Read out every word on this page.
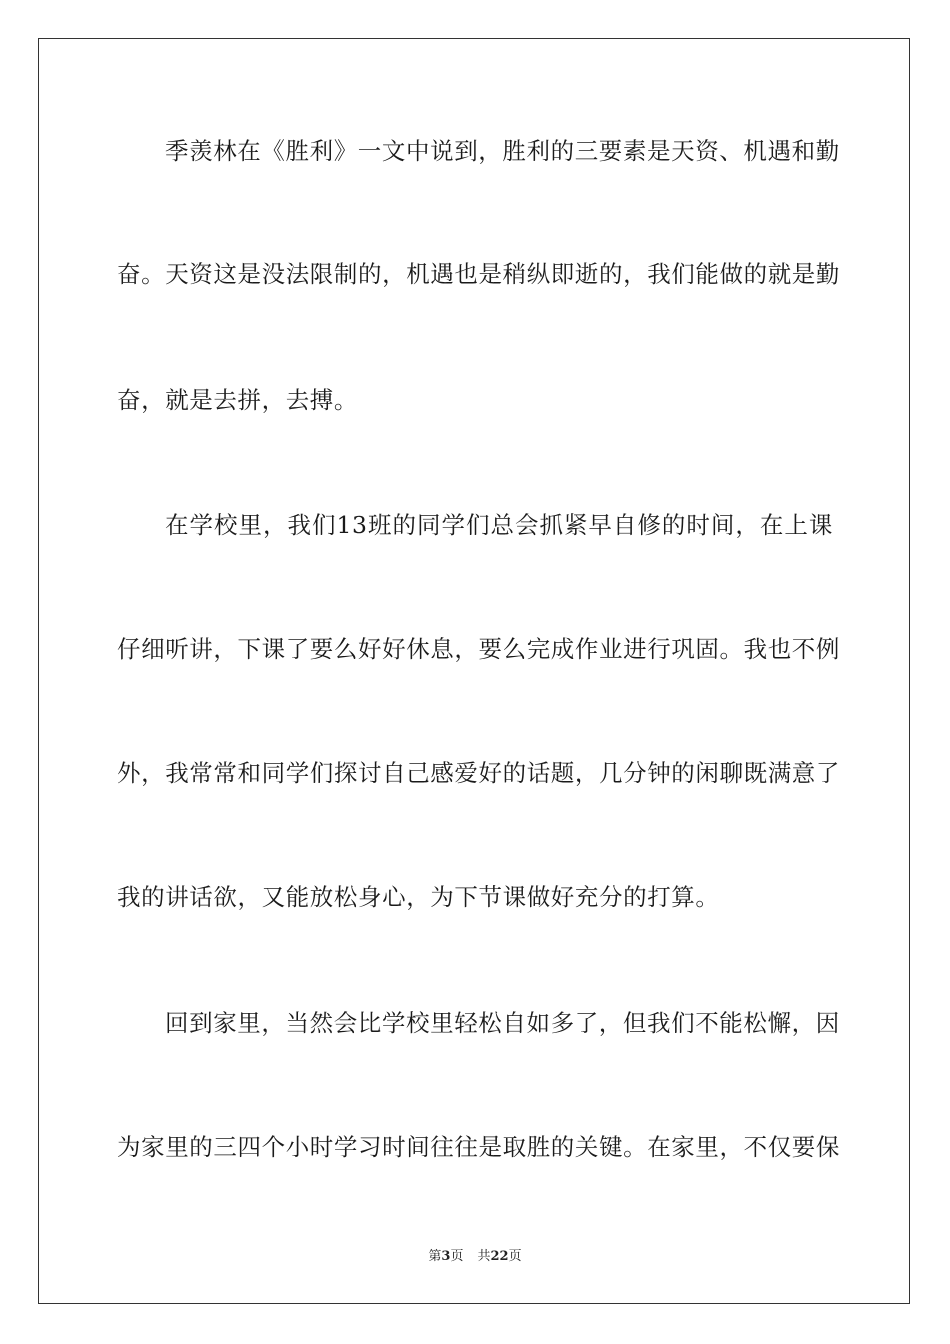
季羡林在《胜利》一文中说到，胜利的三要素是天资、机遇和勤
奋。天资这是没法限制的，机遇也是稍纵即逝的，我们能做的就是勤
奋，就是去拼，去搏。
在学校里，我们13班的同学们总会抓紧早自修的时间，在上课
仔细听讲，下课了要么好好休息，要么完成作业进行巩固。我也不例
外，我常常和同学们探讨自己感爱好的话题，几分钟的闲聊既满意了
我的讲话欲，又能放松身心，为下节课做好充分的打算。
回到家里，当然会比学校里轻松自如多了，但我们不能松懈，因
为家里的三四个小时学习时间往往是取胜的关键。在家里，不仅要保
第3页 共22页
